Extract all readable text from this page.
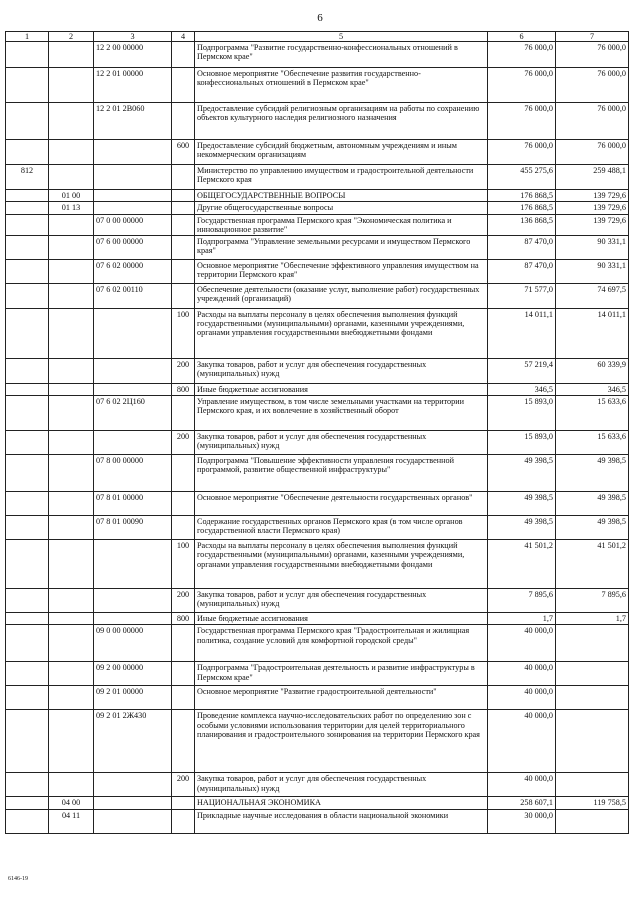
6
1	2	3	4	5	6	7
		12 2 00 00000		Подпрограмма "Развитие государственно-конфессиональных отношений в Пермском крае"	76 000,0	76 000,0
		12 2 01 00000		Основное мероприятие "Обеспечение развития государственно-конфессиональных отношений в Пермском крае"	76 000,0	76 000,0
		12 2 01 2B060		Предоставление субсидий религиозным организациям на работы по сохранению объектов культурного наследия религиозного назначения	76 000,0	76 000,0
			600	Предоставление субсидий бюджетным, автономным учреждениям и иным некоммерческим организациям	76 000,0	76 000,0
812				Министерство по управлению имуществом и градостроительной деятельности Пермского края	455 275,6	259 488,1
	01 00			ОБЩЕГОСУДАРСТВЕННЫЕ ВОПРОСЫ	176 868,5	139 729,6
	01 13			Другие общегосударственные вопросы	176 868,5	139 729,6
		07 0 00 00000		Государственная программа Пермского края "Экономическая политика и инновационное развитие"	136 868,5	139 729,6
		07 6 00 00000		Подпрограмма "Управление земельными ресурсами и имуществом Пермского края"	87 470,0	90 331,1
		07 6 02 00000		Основное мероприятие "Обеспечение эффективного управления имуществом на территории Пермского края"	87 470,0	90 331,1
		07 6 02 00110		Обеспечение деятельности (оказание услуг, выполнение работ) государственных учреждений (организаций)	71 577,0	74 697,5
			100	Расходы на выплаты персоналу в целях обеспечения выполнения функций государственными (муниципальными) органами, казенными учреждениями, органами управления государственными внебюджетными фондами	14 011,1	14 011,1
			200	Закупка товаров, работ и услуг для обеспечения государственных (муниципальных) нужд	57 219,4	60 339,9
			800	Иные бюджетные ассигнования	346,5	346,5
		07 6 02 2Ц160		Управление имуществом, в том числе земельными участками на территории Пермского края, и их вовлечение в хозяйственный оборот	15 893,0	15 633,6
			200	Закупка товаров, работ и услуг для обеспечения государственных (муниципальных) нужд	15 893,0	15 633,6
		07 8 00 00000		Подпрограмма "Повышение эффективности управления государственной программой, развитие общественной инфраструктуры"	49 398,5	49 398,5
		07 8 01 00000		Основное мероприятие "Обеспечение деятельности государственных органов"	49 398,5	49 398,5
		07 8 01 00090		Содержание государственных органов Пермского края (в том числе органов государственной власти Пермского края)	49 398,5	49 398,5
			100	Расходы на выплаты персоналу в целях обеспечения выполнения функций государственными (муниципальными) органами, казенными учреждениями, органами управления государственными внебюджетными фондами	41 501,2	41 501,2
			200	Закупка товаров, работ и услуг для обеспечения государственных (муниципальных) нужд	7 895,6	7 895,6
			800	Иные бюджетные ассигнования	1,7	1,7
		09 0 00 00000		Государственная программа Пермского края "Градостроительная и жилищная политика, создание условий для комфортной городской среды"	40 000,0	
		09 2 00 00000		Подпрограмма "Градостроительная деятельность и развитие инфраструктуры в Пермском крае"	40 000,0	
		09 2 01 00000		Основное мероприятие "Развитие градостроительной деятельности"	40 000,0	
		09 2 01 2Ж430		Проведение комплекса научно-исследовательских работ по определению зон с особыми условиями использования территории для целей территориального планирования и градостроительного зонирования на территории Пермского края	40 000,0	
			200	Закупка товаров, работ и услуг для обеспечения государственных (муниципальных) нужд	40 000,0	
	04 00			НАЦИОНАЛЬНАЯ ЭКОНОМИКА	258 607,1	119 758,5
	04 11			Прикладные научные исследования в области национальной экономики	30 000,0	
6146-19
